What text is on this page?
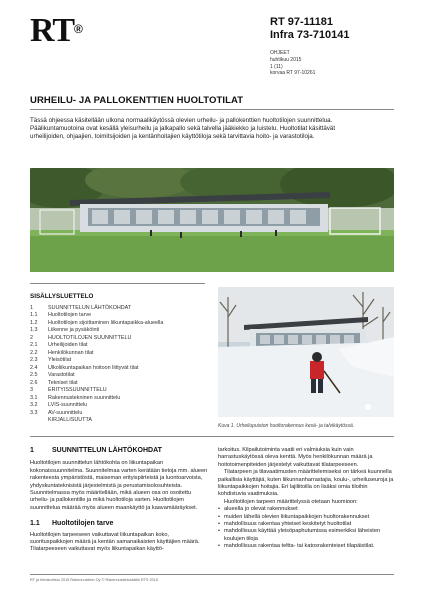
RT®	RT 97-11181
Infra 73-710141
OHJEET
huhtikuu 2015
1 (11)
korvaa RT 97-10261
URHEILU- JA PALLOKENTTIEN HUOLTOTILAT
Tässä ohjeessa käsitellään ulkona normaalikäytössä olevien urheilu- ja pallokenttien huoltotilojen suunnittelua. Päälikuntamuotoina ovat kesällä yleisurheilu ja jalkapallo sekä talvella jääkiekko ja luistelu. Huoltotilat käsittävät urheilijoiden, ohjaajien, toimitsijoiden ja kentänhoitajien käyttötiloja sekä tarvittavia hoito- ja varastotiloja.
SISÄLLYSLUETTELO
1	SUUNNITTELUN LÄHTÖKOHDAT
1.1 Huoltotilojen tarve
1.2 Huoltotilojen sijoittaminen liikuntapaikka-alueella
1.3 Liikenne ja pysäköinti
2	HUOLTOTILOJEN SUUNNITTELU
2.1 Urheilijoiden tilat
2.2 Henkilökunnan tilat
2.3 Yleisötilat
2.4 Ulkoliikuntapaikan hoitoon liittyvät tilat
2.5 Varastotilat
2.6 Tekniset tilat
3	ERITYISSUUNNITTELU
3.1 Rakennustekninen suunnittelu
3.2 LVIS-suunnittelu
3.3 AV-suunnittelu
KIRJALLISUUTTA
Kuva 1. Urheilupuiston huoltorakennus kesä- ja talvikäytössä.
1	SUUNNITTELUN LÄHTÖKOHDAT
Huoltotilojen suunnittelun lähtökohta on liikuntapaikan kokonaissuunnitelma. Suunnitelmaa varten kerätään tietoja mm. alueen rakenteesta ympäristöstä, maiseman erityispiirteistä ja luontoarvoista, yhdyskuntateknisistä järjestelmistä ja perustamisolosuhteista. Suunnitelmassa myös määritellään, mikä alueen osa on osoitettu urheilu- ja pallokentille ja mikä huoltotiloja varten. Huoltotilojen suunnittelua määrää myös alueen maankäyttö ja kaavamääräykset.
1.1 Huoltotilojen tarve
Huoltotilojen tarpeeseen vaikuttavat liikuntapaikan koko, suorituspaikkojen määrä ja kentän samanaikaisten käyttäjien määrä. Tilatarpeeseen vaikuttavat myös liikuntapaikan käyttö-
tarkoitus. Kilpailutoiminta vaatii eri valmiuksia kuin vain harrastuskäytössä oleva kenttä. Myös henkilökunnan määrä ja hoitotoimenpiteiden järjestelyt vaikuttavat tilatarpeeseen.
Tilatarpeen ja tilavaatimusten määrittelemiseksi on tärkeä kuunnella paikallisia käyttäjiä, kuten liikunnanharrastajia, koulu-, urheiluseuroja ja liikuntapaikkojen hoitajia. Eri lajiliitoilla on lisäksi omia tiloihin kohdistuvia vaatimuksia.
Huoltotilojen tarpeen määrittelyssä otetaan huomioon:
• alueella jo olevat rakennukset
• muiden lähellä olevien liikuntapaikkojen huoltorakennukset
• mahdollisuus rakentaa yhteiset keskitetyt huoltotilat
• mahdollisuus käyttää yleisöpaphutumissa esimerkiksi läheisten koulujen tiloja
• mahdollisuus rakentaa teltta- tai katosrakenteiset tilapäistilat.
RT ja Infrakortisto 2015 Rakennustieto Oy © Rakennustietosäätiö RTS 2015
